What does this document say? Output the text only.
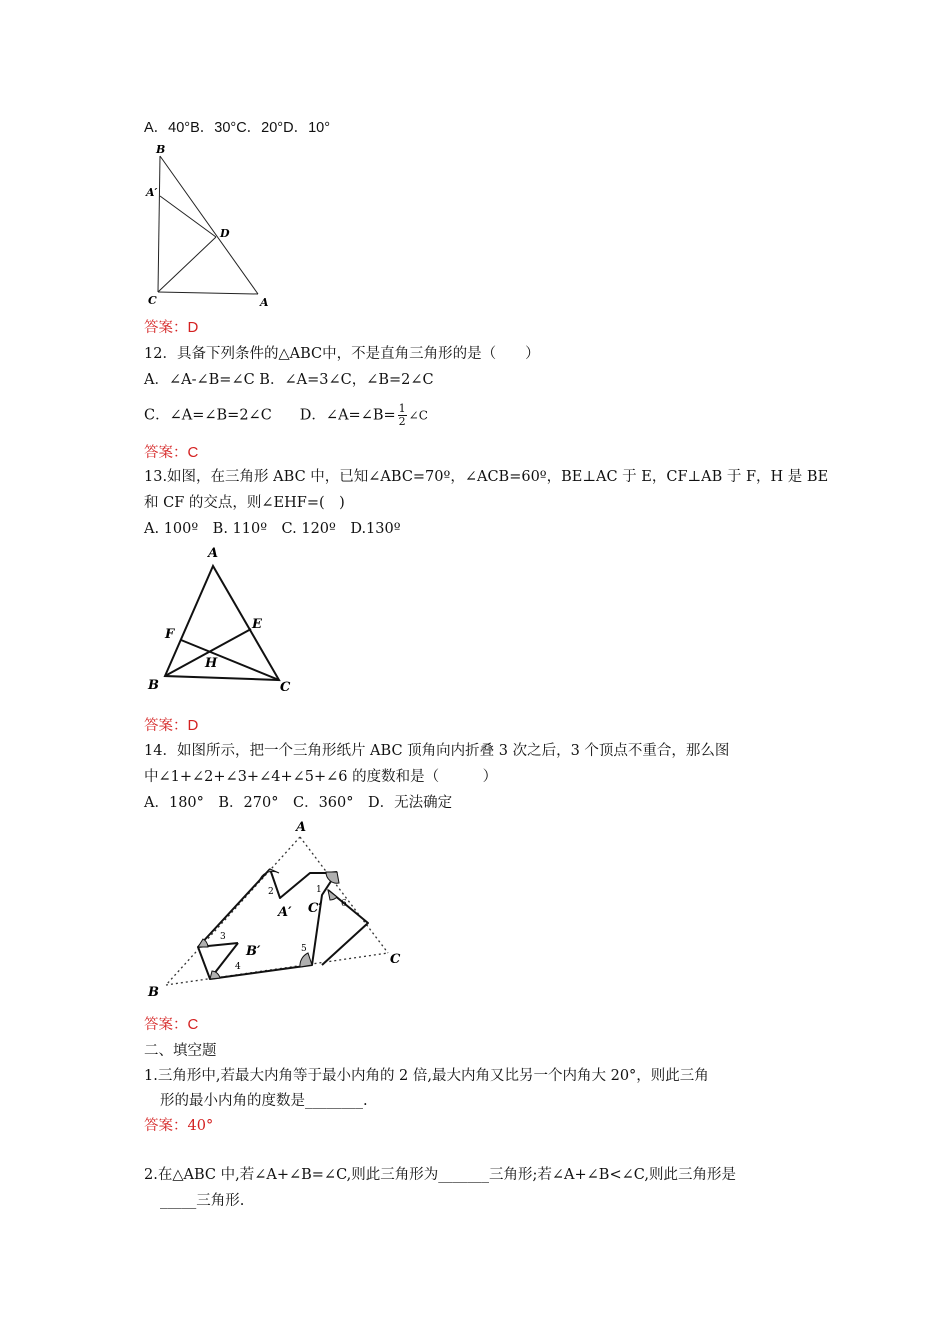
A．40°B．30°C．20°D．10°
B
A′
D
C	A
答案：D
12．具备下列条件的△ABC中，不是直角三角形的是（　　）
A．∠A-∠B=∠C B．∠A=3∠C，∠B=2∠C
C．∠A=∠B=2∠C D．∠A=∠B= $\frac{1}{2}$ ∠C
答案：C
13.如图，在三角形 ABC 中，已知∠ABC=70º，∠ACB=60º，BE⊥AC 于 E，CF⊥AB 于 F，H 是 BE
和 CF 的交点，则∠EHF=(　)
A. 100º　B. 110º　C. 120º　D.130º
A
F
E
H
B	C
答案：D
14．如图所示，把一个三角形纸片 ABC 顶角向内折叠 3 次之后，3 个顶点不重合，那么图
中∠1+∠2+∠3+∠4+∠5+∠6 的度数和是（　　　）
A．180°　B．270°　C．360°　D．无法确定
A
B
C
A′
B′
C′
1
2
3
4
5
6
答案：C
二、填空题
1.三角形中,若最大内角等于最小内角的 2 倍,最大内角又比另一个内角大 20°，则此三角
形的最小内角的度数是________.
答案：40°
2.在△ABC 中,若∠A+∠B=∠C,则此三角形为_______三角形;若∠A+∠B<∠C,则此三角形是
_____三角形.
